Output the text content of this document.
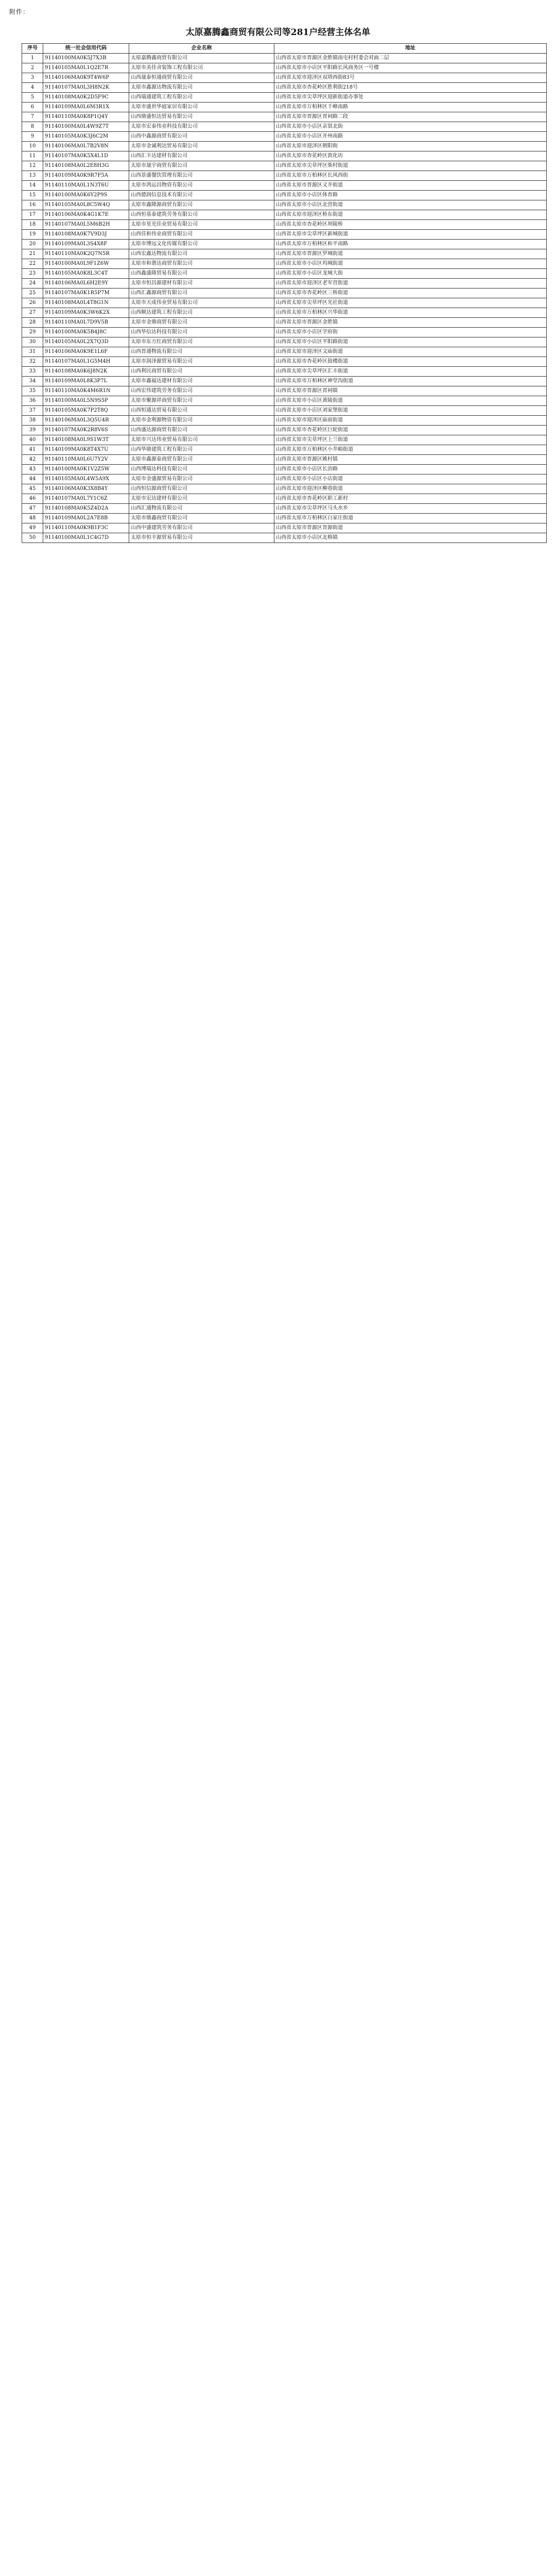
附件：
太原嘉腾鑫商贸有限公司等281户经营主体名单
序号	统一社会信用代码	企业名称	地址
1	91140100MA0K5J7X3B	太原嘉腾鑫商贸有限公司	山西省太原市晋源区金胜镇南屯村村委会对面二层
2	91140105MA0L1Q2E7R	太原市美佳舍装饰工程有限公司	山西省太原市小店区平阳路长风商务区一号楼
3	91140106MA0K9T4W6P	山西晟泰恒通商贸有限公司	山西省太原市迎泽区双塔西街83号
4	91140107MA0L3H8N2K	太原市鑫源达物流有限公司	山西省太原市杏花岭区胜利街218号
5	91140108MA0K2D5F9C	山西瑞通建筑工程有限公司	山西省太原市尖草坪区迎新街道办事处
6	91140109MA0L6M3R1X	太原市盛世华庭家居有限公司	山西省太原市万柏林区千峰南路
7	91140110MA0K8P1Q4Y	山西鼎盛恒达贸易有限公司	山西省太原市晋源区晋祠路二段
8	91140100MA0L4W9Z7T	太原市宏泰伟业科技有限公司	山西省太原市小店区亲贤北街
9	91140105MA0K3J6C2M	山西中鑫源商贸有限公司	山西省太原市小店区并州南路
10	91140106MA0L7B2V8N	太原市金诚利达贸易有限公司	山西省太原市迎泽区朝阳街
11	91140107MA0K5X4L1D	山西汇丰达建材有限公司	山西省太原市杏花岭区敦化坊
12	91140108MA0L2E8H3G	太原市晟宇商贸有限公司	山西省太原市尖草坪区柴村街道
13	91140109MA0K9R7F5A	山西景盛餐饮管理有限公司	山西省太原市万柏林区长风西街
14	91140110MA0L1N3T6U	太原市鸿运昌物资有限公司	山西省太原市晋源区义井街道
15	91140100MA0K6Y2P9S	山西德润信息技术有限公司	山西省太原市小店区体育路
16	91140105MA0L8C5W4Q	太原市鑫隆源商贸有限公司	山西省太原市小店区北营街道
17	91140106MA0K4G1K7E	山西恒基泰建筑劳务有限公司	山西省太原市迎泽区桥东街道
18	91140107MA0L5M6B2H	太原市星光佳业贸易有限公司	山西省太原市杏花岭区坝陵桥
19	91140108MA0K7V9D3J	山西佳和伟业商贸有限公司	山西省太原市尖草坪区新城街道
20	91140109MA0L3S4X8F	太原市博远文化传媒有限公司	山西省太原市万柏林区和平南路
21	91140110MA0K2Q7N5R	山西宏鑫达物流有限公司	山西省太原市晋源区罗城街道
22	91140100MA0L9F1Z6W	太原市和谐达商贸有限公司	山西省太原市小店区坞城街道
23	91140105MA0K8L3C4T	山西鑫盛隆贸易有限公司	山西省太原市小店区龙城大街
24	91140106MA0L6H2E9Y	太原市恒昌源建材有限公司	山西省太原市迎泽区老军营街道
25	91140107MA0K1R5P7M	山西汇鑫源商贸有限公司	山西省太原市杏花岭区三桥街道
26	91140108MA0L4T8G1N	太原市天成伟业贸易有限公司	山西省太原市尖草坪区光社街道
27	91140109MA0K3W6K2X	山西顺达建筑工程有限公司	山西省太原市万柏林区兴华街道
28	91140110MA0L7D9V5B	太原市金鼎商贸有限公司	山西省太原市晋源区金胜镇
29	91140100MA0K5B4J8C	山西华信达科技有限公司	山西省太原市小店区学府街
30	91140105MA0L2X7Q3D	太原市东方红商贸有限公司	山西省太原市小店区平阳路街道
31	91140106MA0K9E1L6F	山西晋通物流有限公司	山西省太原市迎泽区文庙街道
32	91140107MA0L1G5M4H	太原市润泽源贸易有限公司	山西省太原市杏花岭区鼓楼街道
33	91140108MA0K6J8N2K	山西利民商贸有限公司	山西省太原市尖草坪区汇丰街道
34	91140109MA0L8K3P7L	太原市鑫福达建材有限公司	山西省太原市万柏林区神堂沟街道
35	91140110MA0K4M6R1N	山西宏伟建筑劳务有限公司	山西省太原市晋源区晋祠镇
36	91140100MA0L5N9S5P	太原市聚源祥商贸有限公司	山西省太原市小店区黄陵街道
37	91140105MA0K7P2T8Q	山西恒通达贸易有限公司	山西省太原市小店区刘家堡街道
38	91140106MA0L3Q5U4R	太原市金利源物资有限公司	山西省太原市迎泽区庙前街道
39	91140107MA0K2R8V6S	山西盛达源商贸有限公司	山西省太原市杏花岭区巨轮街道
40	91140108MA0L9S1W3T	太原市兴达伟业贸易有限公司	山西省太原市尖草坪区上兰街道
41	91140109MA0K8T4X7U	山西华鼎建筑工程有限公司	山西省太原市万柏林区小井峪街道
42	91140110MA0L6U7Y2V	太原市鑫源泰商贸有限公司	山西省太原市晋源区姚村镇
43	91140100MA0K1V2Z5W	山西博瑞达科技有限公司	山西省太原市小店区长治路
44	91140105MA0L4W5A9X	太原市金盛源贸易有限公司	山西省太原市小店区小店街道
45	91140106MA0K3X8B4Y	山西恒信源商贸有限公司	山西省太原市迎泽区柳巷街道
46	91140107MA0L7Y1C6Z	太原市宏达建材有限公司	山西省太原市杏花岭区职工新村
47	91140108MA0K5Z4D2A	山西汇通物流有限公司	山西省太原市尖草坪区马头水乡
48	91140109MA0L2A7E8B	太原市鼎鑫商贸有限公司	山西省太原市万柏林区白家庄街道
49	91140110MA0K9B1F3C	山西中盛建筑劳务有限公司	山西省太原市晋源区晋源街道
50	91140100MA0L1C4G7D	太原市恒丰源贸易有限公司	山西省太原市小店区北格镇
